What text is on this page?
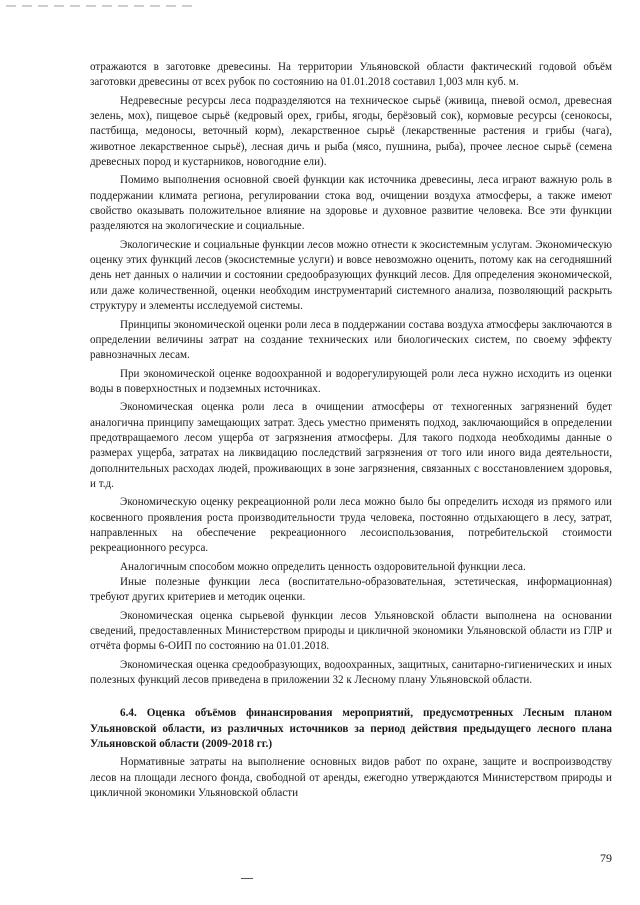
отражаются в заготовке древесины. На территории Ульяновской области фактический годовой объём заготовки древесины от всех рубок по состоянию на 01.01.2018 составил 1,003 млн куб. м.

Недревесные ресурсы леса подразделяются на техническое сырьё (живица, пневой осмол, древесная зелень, мох), пищевое сырьё (кедровый орех, грибы, ягоды, берёзовый сок), кормовые ресурсы (сенокосы, пастбища, медоносы, веточный корм), лекарственное сырьё (лекарственные растения и грибы (чага), животное лекарственное сырьё), лесная дичь и рыба (мясо, пушнина, рыба), прочее лесное сырьё (семена древесных пород и кустарников, новогодние ели).

Помимо выполнения основной своей функции как источника древесины, леса играют важную роль в поддержании климата региона, регулировании стока вод, очищении воздуха атмосферы, а также имеют свойство оказывать положительное влияние на здоровье и духовное развитие человека. Все эти функции разделяются на экологические и социальные.

Экологические и социальные функции лесов можно отнести к экосистемным услугам. Экономическую оценку этих функций лесов (экосистемные услуги) и вовсе невозможно оценить, потому как на сегодняшний день нет данных о наличии и состоянии средообразующих функций лесов. Для определения экономической, или даже количественной, оценки необходим инструментарий системного анализа, позволяющий раскрыть структуру и элементы исследуемой системы.

Принципы экономической оценки роли леса в поддержании состава воздуха атмосферы заключаются в определении величины затрат на создание технических или биологических систем, по своему эффекту равнозначных лесам.

При экономической оценке водоохранной и водорегулирующей роли леса нужно исходить из оценки воды в поверхностных и подземных источниках.

Экономическая оценка роли леса в очищении атмосферы от техногенных загрязнений будет аналогична принципу замещающих затрат. Здесь уместно применять подход, заключающийся в определении предотвращаемого лесом ущерба от загрязнения атмосферы. Для такого подхода необходимы данные о размерах ущерба, затратах на ликвидацию последствий загрязнения от того или иного вида деятельности, дополнительных расходах людей, проживающих в зоне загрязнения, связанных с восстановлением здоровья, и т.д.

Экономическую оценку рекреационной роли леса можно было бы определить исходя из прямого или косвенного проявления роста производительности труда человека, постоянно отдыхающего в лесу, затрат, направленных на обеспечение рекреационного лесоиспользования, потребительской стоимости рекреационного ресурса.

Аналогичным способом можно определить ценность оздоровительной функции леса.

Иные полезные функции леса (воспитательно-образовательная, эстетическая, информационная) требуют других критериев и методик оценки.

Экономическая оценка сырьевой функции лесов Ульяновской области выполнена на основании сведений, предоставленных Министерством природы и цикличной экономики Ульяновской области из ГЛР и отчёта формы 6-ОИП по состоянию на 01.01.2018.

Экономическая оценка средообразующих, водоохранных, защитных, санитарно-гигиенических и иных полезных функций лесов приведена в приложении 32 к Лесному плану Ульяновской области.

6.4. Оценка объёмов финансирования мероприятий, предусмотренных Лесным планом Ульяновской области, из различных источников за период действия предыдущего лесного плана Ульяновской области (2009-2018 гг.)

Нормативные затраты на выполнение основных видов работ по охране, защите и воспроизводству лесов на площади лесного фонда, свободной от аренды, ежегодно утверждаются Министерством природы и цикличной экономики Ульяновской области

79
